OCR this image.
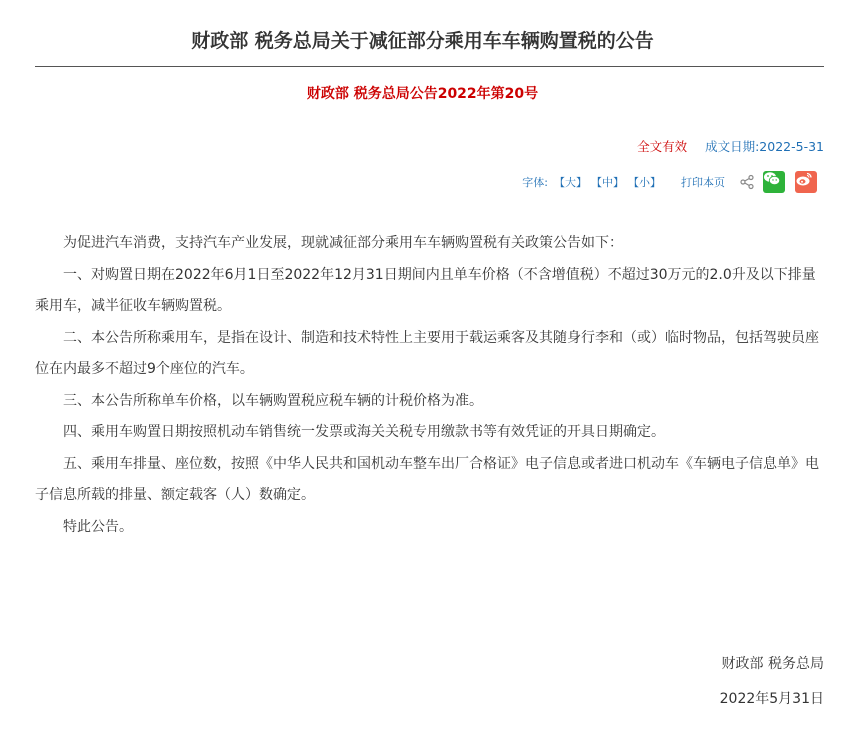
财政部 税务总局关于减征部分乘用车车辆购置税的公告
财政部 税务总局公告2022年第20号
全文有效 成文日期:2022-5-31
字体: 【大】 【中】 【小】 打印本页

为促进汽车消费，支持汽车产业发展，现就减征部分乘用车车辆购置税有关政策公告如下：

一、对购置日期在2022年6月1日至2022年12月31日期间内且单车价格（不含增值税）不超过30万元的2.0升及以下排量乘用车，减半征收车辆购置税。

二、本公告所称乘用车，是指在设计、制造和技术特性上主要用于载运乘客及其随身行李和（或）临时物品，包括驾驶员座位在内最多不超过9个座位的汽车。

三、本公告所称单车价格，以车辆购置税应税车辆的计税价格为准。

四、乘用车购置日期按照机动车销售统一发票或海关关税专用缴款书等有效凭证的开具日期确定。

五、乘用车排量、座位数，按照《中华人民共和国机动车整车出厂合格证》电子信息或者进口机动车《车辆电子信息单》电子信息所载的排量、额定载客（人）数确定。

特此公告。

财政部 税务总局
2022年5月31日
